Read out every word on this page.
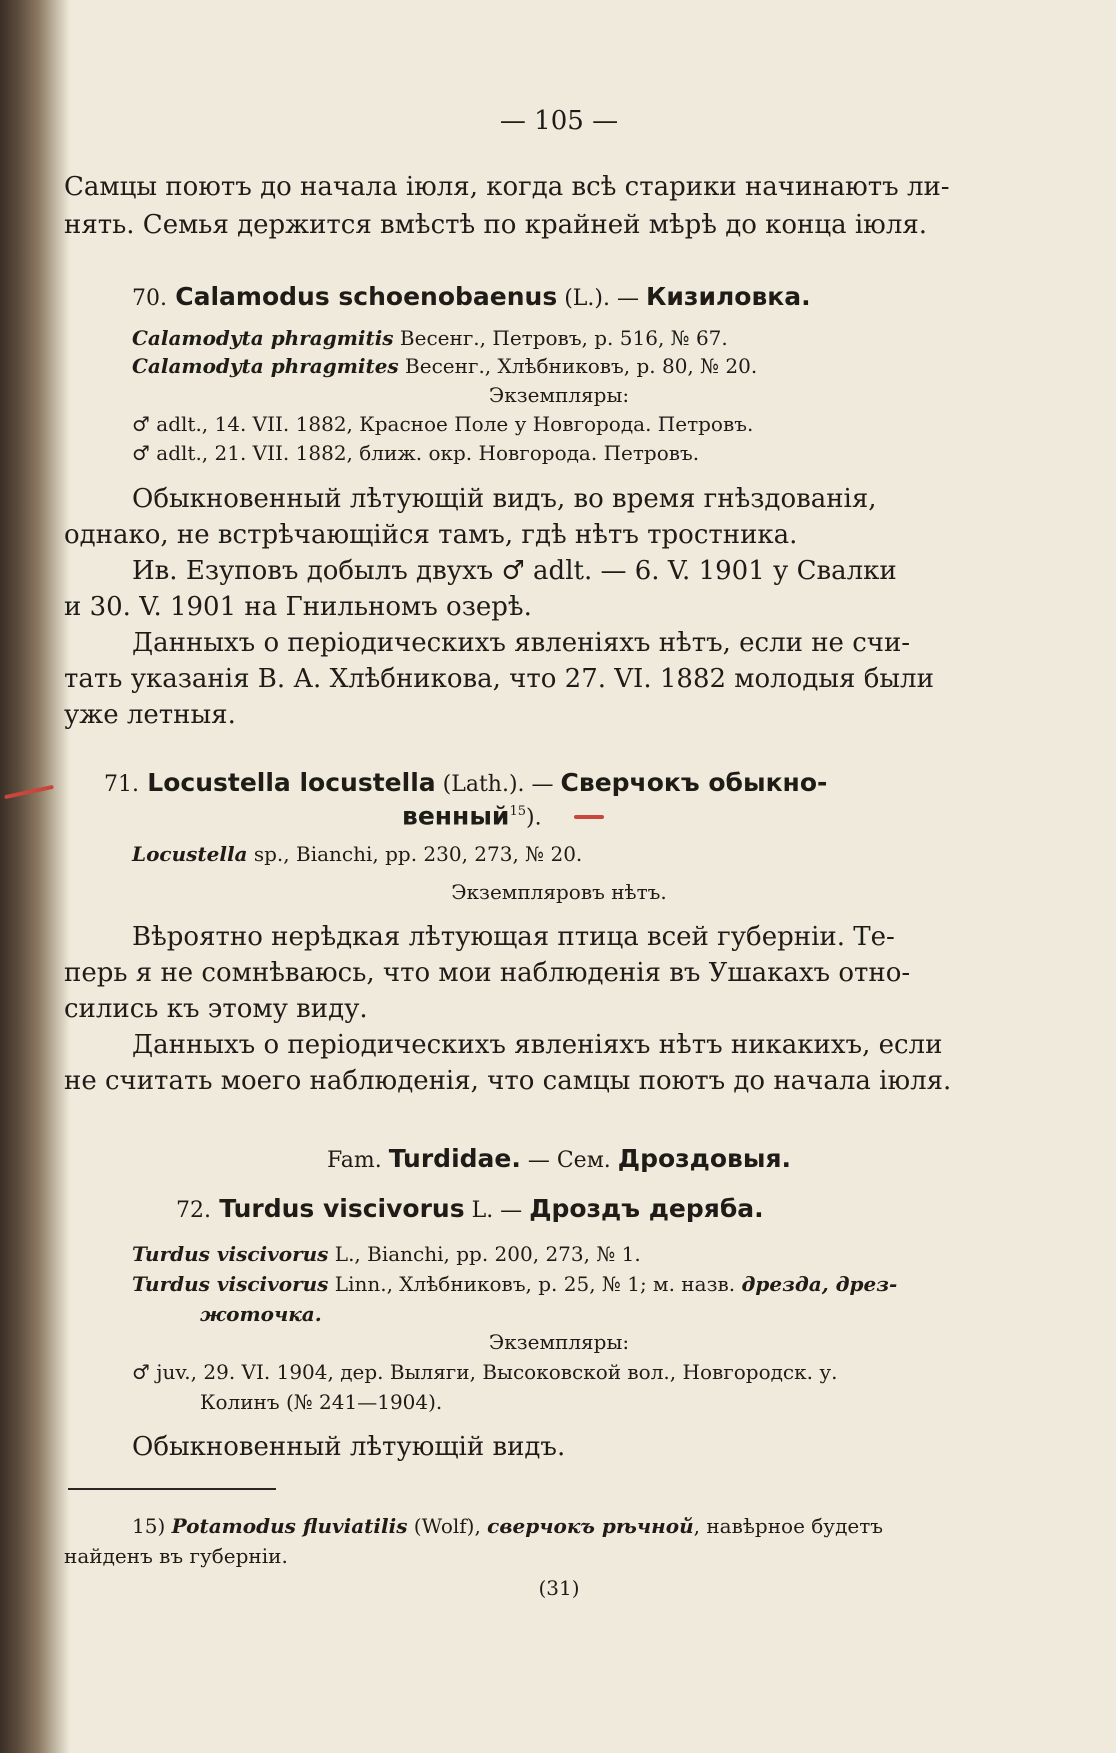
— 105 —
Самцы поютъ до начала іюля, когда всѣ старики начинаютъ ли-
нять. Семья держится вмѣстѣ по крайней мѣрѣ до конца іюля.
70. Calamodus schoenobaenus (L.). — Кизиловка.
Calamodyta phragmitis Весенг., Петровъ, р. 516, № 67.
Calamodyta phragmites Весенг., Хлѣбниковъ, р. 80, № 20.
Экземпляры:
♂ adlt., 14. VII. 1882, Красное Поле у Новгорода. Петровъ.
♂ adlt., 21. VII. 1882, ближ. окр. Новгорода. Петровъ.
Обыкновенный лѣтующій видъ, во время гнѣздованія,
однако, не встрѣчающійся тамъ, гдѣ нѣтъ тростника.
Ив. Езуповъ добылъ двухъ ♂ adlt. — 6. V. 1901 у Свалки
и 30. V. 1901 на Гнильномъ озерѣ.
Данныхъ о періодическихъ явленіяхъ нѣтъ, если не счи-
тать указанія В. А. Хлѣбникова, что 27. VI. 1882 молодыя были
уже летныя.
71. Locustella locustella (Lath.). — Сверчокъ обыкно-
венный$^{15}$).
Locustella sp., Bianchi, pp. 230, 273, № 20.
Экземпляровъ нѣтъ.
Вѣроятно нерѣдкая лѣтующая птица всей губерніи. Те-
перь я не сомнѣваюсь, что мои наблюденія въ Ушакахъ отно-
сились къ этому виду.
Данныхъ о періодическихъ явленіяхъ нѣтъ никакихъ, если
не считать моего наблюденія, что самцы поютъ до начала іюля.
Fam. Turdidae. — Сем. Дроздовыя.
72. Turdus viscivorus L. — Дроздъ деряба.
Turdus viscivorus L., Bianchi, pp. 200, 273, № 1.
Turdus viscivorus Linn., Хлѣбниковъ, р. 25, № 1; м. назв. дрезда, дрез-
жоточка.
Экземпляры:
♂ juv., 29. VI. 1904, дер. Выляги, Высоковской вол., Новгородск. у.
Колинъ (№ 241—1904).
Обыкновенный лѣтующій видъ.
15) Potamodus fluviatilis (Wolf), сверчокъ рѣчной, навѣрное будетъ
найденъ въ губерніи.
(31)
